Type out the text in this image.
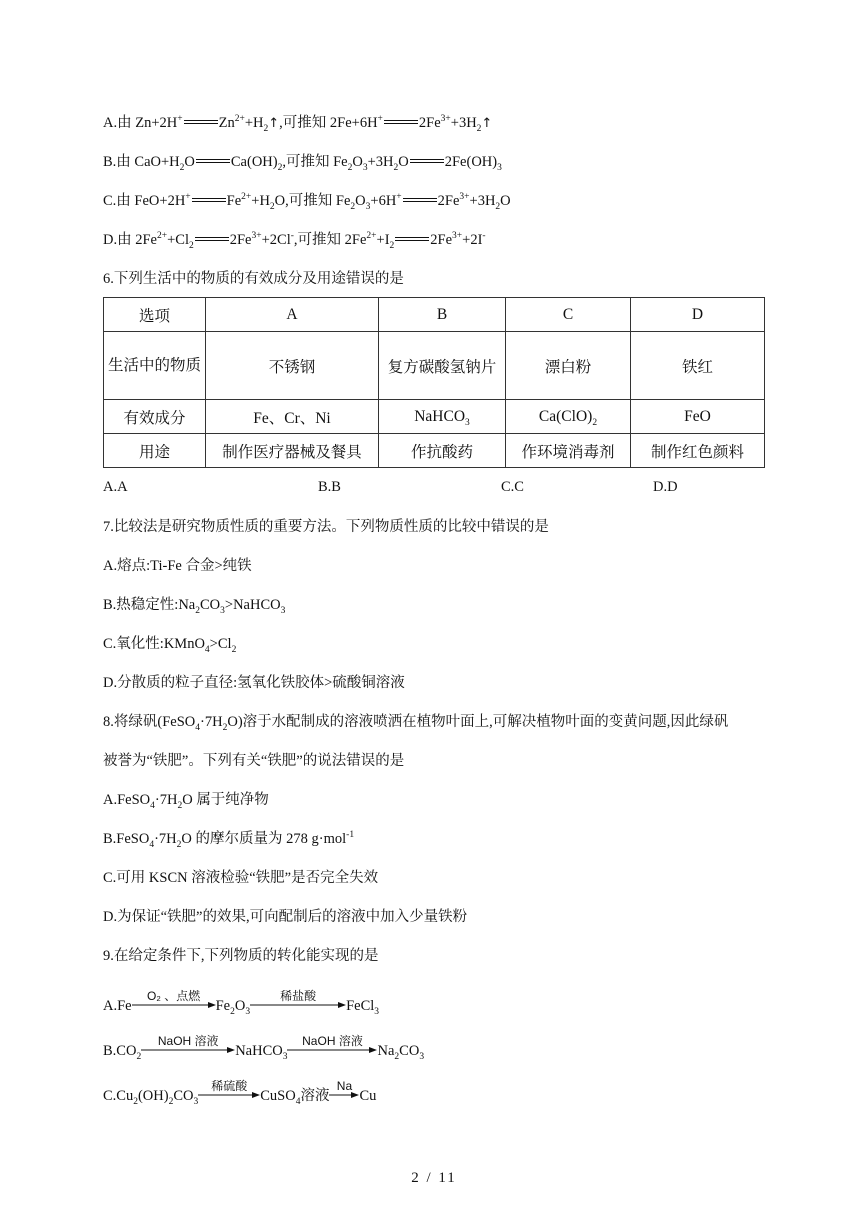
A.由 Zn+2H+ $Zn^{2+}+H_2↑$,可推知 2Fe+6H+ $2Fe^{3+}+3H_2↑$
B.由 $CaO+H_2O$ $Ca(OH)_2$,可推知 $Fe_2O_3+3H_2O$ $2Fe(OH)_3$
C.由 FeO+2H+ $Fe^{2+}+H_2O$,可推知 $Fe_2O_3+6H^+$ $2Fe^{3+}+3H_2O$
D.由 $2Fe^{2+}+Cl_2$ $2Fe^{3+}+2Cl^-$,可推知 $2Fe^{2+}+I_2$ $2Fe^{3+}+2I^-$
6.下列生活中的物质的有效成分及用途错误的是
选项	A	B	C	D
生活中的物质	不锈钢	复方碳酸氢钠片	漂白粉	铁红
有效成分	Fe、Cr、Ni	NaHCO$_3$	$Ca(ClO)_2$	FeO
用途	制作医疗器械及餐具	作抗酸药	作环境消毒剂	制作红色颜料
A.A	B.B	C.C	D.D
7.比较法是研究物质性质的重要方法。下列物质性质的比较中错误的是
A.熔点:Ti-Fe 合金>纯铁
B.热稳定性$:Na_2CO_3>NaHCO_3$
C.氧化性$:KMnO_4>Cl_2$
D.分散质的粒子直径:氢氧化铁胶体>硫酸铜溶液
8.将绿矾$(FeSO_4\cdot 7H_2O)$溶于水配制成的溶液喷洒在植物叶面上,可解决植物叶面的变黄问题,因此绿矾
被誉为“铁肥”。下列有关“铁肥”的说法错误的是
$A.FeSO_4\cdot 7H_2O$ 属于纯净物
$B.FeSO_4\cdot 7H_2O$ 的摩尔质量为 278 g·mol$^{-1}$
C.可用 KSCN 溶液检验“铁肥”是否完全失效
D.为保证“铁肥”的效果,可向配制后的溶液中加入少量铁粉
9.在给定条件下,下列物质的转化能实现的是
A.Fe
O₂ 、点燃
$Fe_2O_3$
稀盐酸
FeCl$_3$
$B.CO_2$
NaOH 溶液
NaHCO$_3$
NaOH 溶液
$Na_2CO_3$
$C.Cu_2(OH)_2CO_3$
稀硫酸
CuSO$_4$溶液
Na
Cu
2 / 11
